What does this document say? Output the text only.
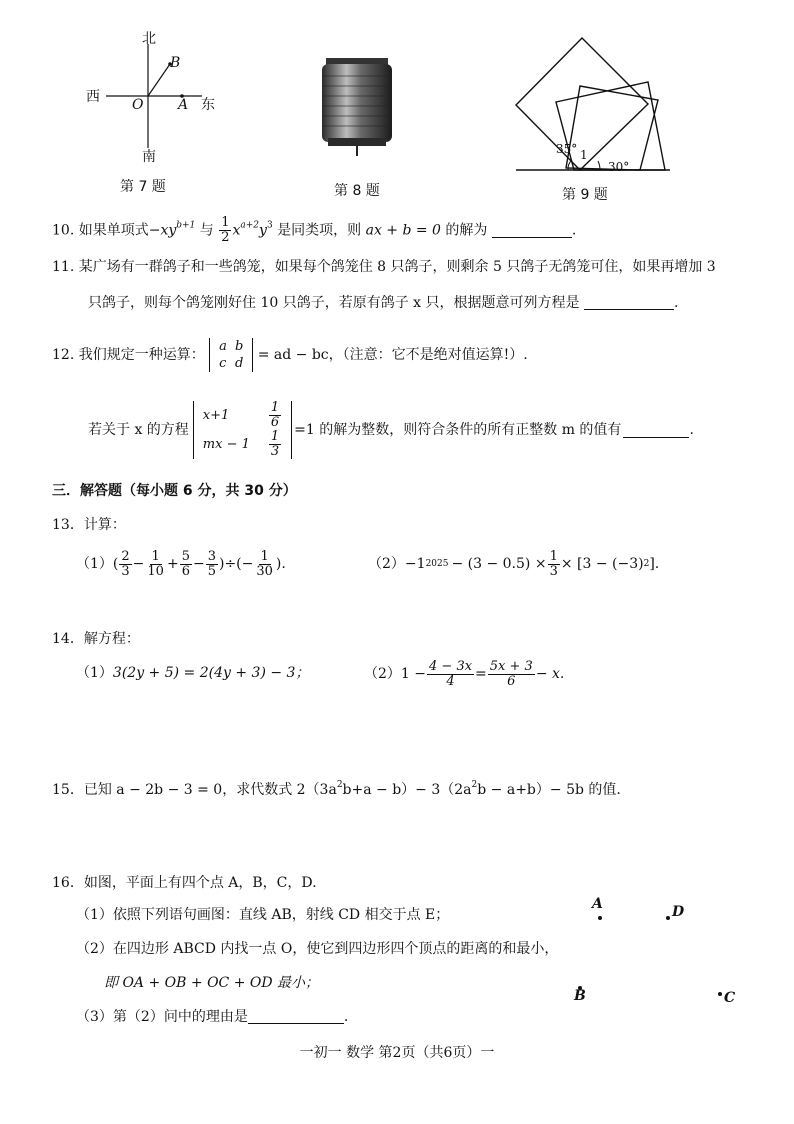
北
南
西	东
O A
B
第 7 题	第 8 题
35° 1
30°
第 9 题
10. 如果单项式$-xy^{b+1}$ 与 $\frac{1}{2} x^{a+2}y^3$ 是同类项，则 ax + b = 0 的解为	.
11. 某广场有一群鸽子和一些鸽笼，如果每个鸽笼住 8 只鸽子，则剩余 5 只鸽子无鸽笼可住，如果再增加 3
只鸽子，则每个鸽笼刚好住 10 只鸽子，若原有鸽子 x 只，根据题意可列方程是	.
12. 我们规定一种运算：
a	b
c	d
= ad − bc，（注意：它不是绝对值运算!）.
若关于 x 的方程
x+1	$\frac{1}{6}$

mx − 1	$\frac{1}{3} =1$ 的解为整数，则符合条件的所有正整数 m 的值有	.
三．解答题（每小题 6 分，共 30 分）
13．计算：
（1） ( $\frac{2}{3} - \frac{1}{10} + \frac{5}{6} - \frac{3}{5}$ )÷(− $\frac{1}{30}$ ).	（2） −1 $2025 - (3 - 0.5) \times \frac{1}{3} \times [3 - (-3)$ 2 ].
14．解方程：
（1）3(2y + 5) = 2(4y + 3) − 3；	（2） $1 - \frac{4 - 3x}{4} = \frac{5x + 3}{6} - x$.
15．已知 a − 2b − 3 = 0，求代数式 $2(3a^2b+a - b)- 3(2a^2b - a+b)- 5b$ 的值.
16．如图，平面上有四个点 A，B，C，D.
（1）依照下列语句画图：直线 AB，射线 CD 相交于点 E；
（2）在四边形 ABCD 内找一点 O，使它到四边形四个顶点的距离的和最小，
即 OA + OB + OC + OD 最小；
（3）第（2）问中的理由是	.
A	D
B	C
一初一 数学 第2页（共6页）一
